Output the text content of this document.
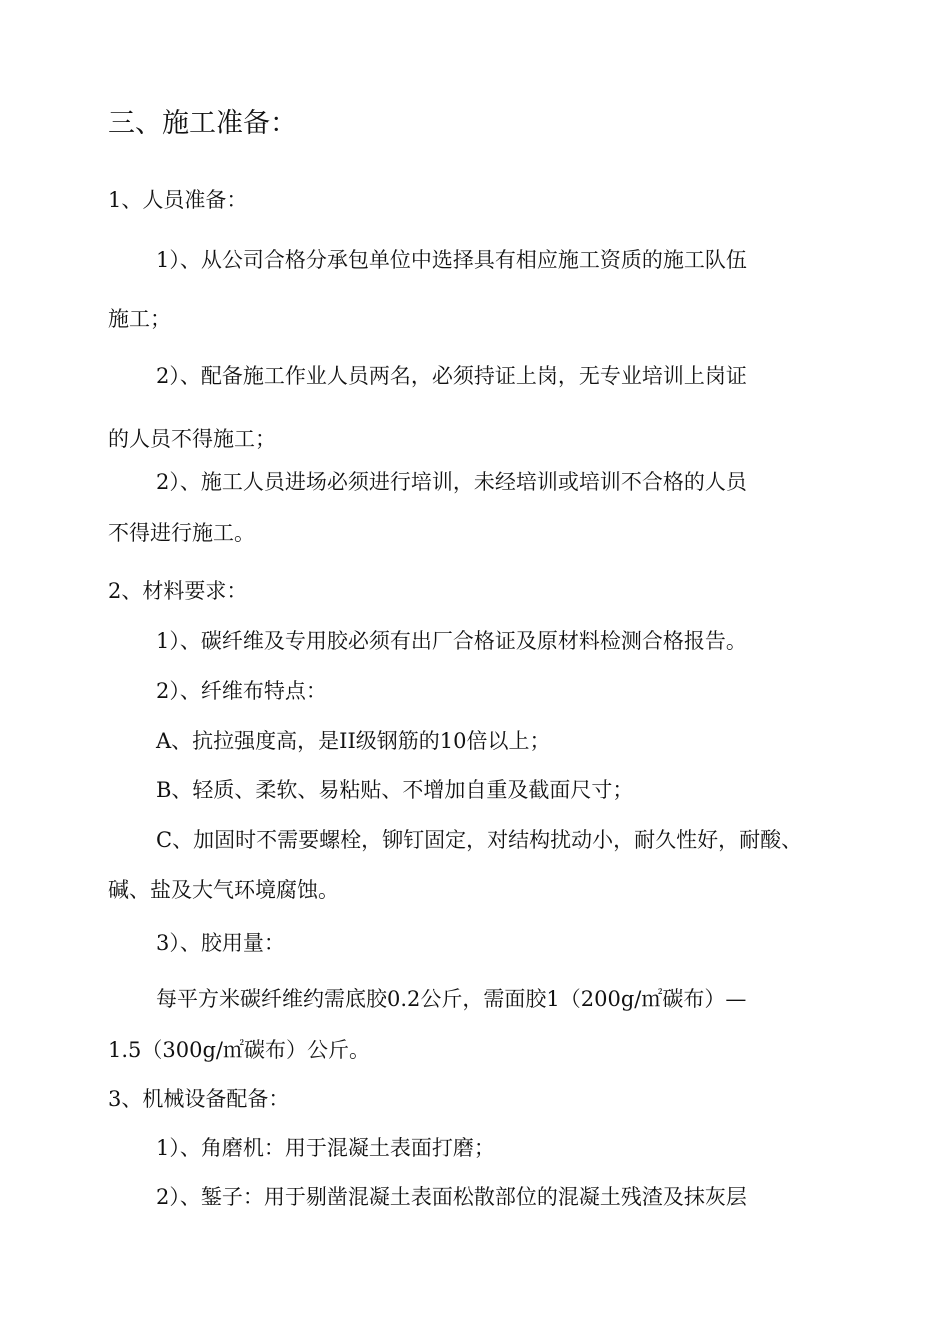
三、施工准备：
1、人员准备：
1）、从公司合格分承包单位中选择具有相应施工资质的施工队伍
施工；
2）、配备施工作业人员两名，必须持证上岗，无专业培训上岗证
的人员不得施工；
2）、施工人员进场必须进行培训，未经培训或培训不合格的人员
不得进行施工。
2、材料要求：
1）、碳纤维及专用胶必须有出厂合格证及原材料检测合格报告。
2）、纤维布特点：
A、抗拉强度高，是II级钢筋的10倍以上；
B、轻质、柔软、易粘贴、不增加自重及截面尺寸；
C、加固时不需要螺栓，铆钉固定，对结构扰动小，耐久性好，耐酸、
碱、盐及大气环境腐蚀。
3）、胶用量：
每平方米碳纤维约需底胶0.2公斤，需面胶1（200g/㎡碳布）—
1.5（300g/㎡碳布）公斤。
3、机械设备配备：
1）、角磨机：用于混凝土表面打磨；
2）、錾子：用于剔凿混凝土表面松散部位的混凝土残渣及抹灰层
